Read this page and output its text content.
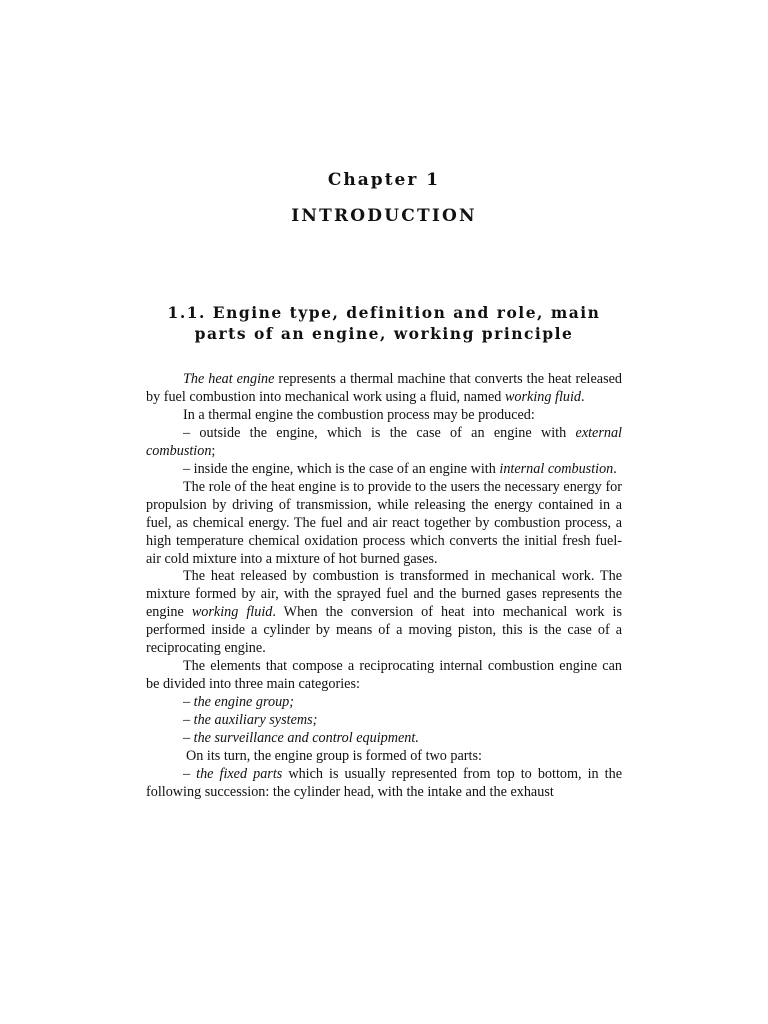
Chapter 1
INTRODUCTION
1.1. Engine type, definition and role, main
parts of an engine, working principle

The heat engine represents a thermal machine that converts the heat released by fuel combustion into mechanical work using a fluid, named working fluid.

In a thermal engine the combustion process may be produced:

– outside the engine, which is the case of an engine with external combustion;

– inside the engine, which is the case of an engine with internal combustion.

The role of the heat engine is to provide to the users the necessary energy for propulsion by driving of transmission, while releasing the energy contained in a fuel, as chemical energy. The fuel and air react together by combustion process, a high temperature chemical oxidation process which converts the initial fresh fuel-air cold mixture into a mixture of hot burned gases.

The heat released by combustion is transformed in mechanical work. The mixture formed by air, with the sprayed fuel and the burned gases represents the engine working fluid. When the conversion of heat into mechanical work is performed inside a cylinder by means of a moving piston, this is the case of a reciprocating engine.

The elements that compose a reciprocating internal combustion engine can be divided into three main categories:

– the engine group;

– the auxiliary systems;

– the surveillance and control equipment.

On its turn, the engine group is formed of two parts:

– the fixed parts which is usually represented from top to bottom, in the following succession: the cylinder head, with the intake and the exhaust
